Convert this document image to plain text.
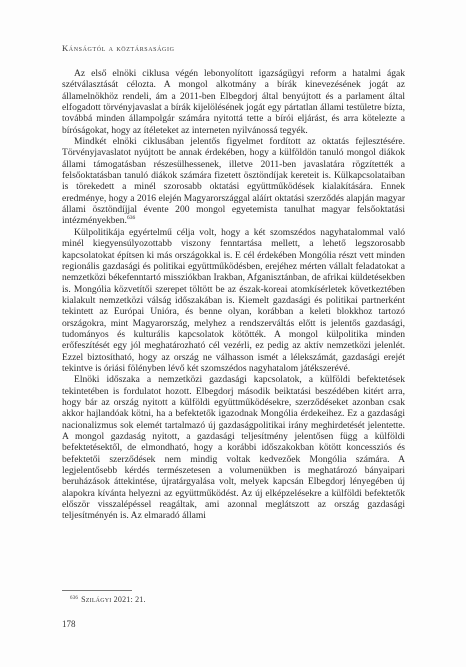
Kánságtól a köztársaságig

Az első elnöki ciklusa végén lebonyolított igazságügyi reform a hatalmi ágak szétválasztását célozta. A mongol alkotmány a bírák kinevezésének jogát az államelnökhöz rendeli, ám a 2011-ben Elbegdorj által benyújtott és a parlament által elfogadott törvényjavaslat a bírák kijelölésének jogát egy pártatlan állami testületre bízta, továbbá minden állampolgár számára nyitottá tette a bírói eljárást, és arra kötelezte a bíróságokat, hogy az ítéleteket az interneten nyilvánossá tegyék.

Mindkét elnöki ciklusában jelentős figyelmet fordított az oktatás fejlesztésére. Törvényjavaslatot nyújtott be annak érdekében, hogy a külföldön tanuló mongol diákok állami támogatásban részesülhessenek, illetve 2011-ben javaslatára rögzítették a felsőoktatásban tanuló diákok számára fizetett ösztöndíjak kereteit is. Külkapcsolataiban is törekedett a minél szorosabb oktatási együttműködések kialakítására. Ennek eredménye, hogy a 2016 elején Magyarországgal aláírt oktatási szerződés alapján magyar állami ösztöndíjjal évente 200 mongol egyetemista tanulhat magyar felsőoktatási intézményekben.$^{636}$

Külpolitikája egyértelmű célja volt, hogy a két szomszédos nagyhatalommal való minél kiegyensúlyozottabb viszony fenntartása mellett, a lehető legszorosabb kapcsolatokat építsen ki más országokkal is. E cél érdekében Mongólia részt vett minden regionális gazdasági és politikai együttműködésben, erejéhez mérten vállalt feladatokat a nemzetközi békefenntartó missziókban Irakban, Afganisztánban, de afrikai küldetésekben is. Mongólia közvetítői szerepet töltött be az észak-koreai atomkísérletek következtében kialakult nemzetközi válság időszakában is. Kiemelt gazdasági és politikai partnerként tekintett az Európai Unióra, és benne olyan, korábban a keleti blokkhoz tartozó országokra, mint Magyarország, melyhez a rendszerváltás előtt is jelentős gazdasági, tudományos és kulturális kapcsolatok kötötték. A mongol külpolitika minden erőfeszítését egy jól meghatározható cél vezérli, ez pedig az aktív nemzetközi jelenlét. Ezzel biztosítható, hogy az ország ne válhasson ismét a lélekszámát, gazdasági erejét tekintve is óriási fölényben lévő két szomszédos nagyhatalom játékszerévé.

Elnöki időszaka a nemzetközi gazdasági kapcsolatok, a külföldi befektetések tekintetében is fordulatot hozott. Elbegdorj második beiktatási beszédében kitért arra, hogy bár az ország nyitott a külföldi együttműködésekre, szerződéseket azonban csak akkor hajlandóak kötni, ha a befektetők igazodnak Mongólia érdekeihez. Ez a gazdasági nacionalizmus sok elemét tartalmazó új gazdaságpolitikai irány meghirdetését jelentette. A mongol gazdaság nyitott, a gazdasági teljesítmény jelentősen függ a külföldi befektetésektől, de elmondható, hogy a korábbi időszakokban kötött koncessziós és befektetői szerződések nem mindig voltak kedvezőek Mongólia számára. A legjelentősebb kérdés természetesen a volumenükben is meghatározó bányaipari beruházások áttekintése, újratárgyalása volt, melyek kapcsán Elbegdorj lényegében új alapokra kívánta helyezni az együttműködést. Az új elképzelésekre a külföldi befektetők először visszalépéssel reagáltak, ami azonnal meglátszott az ország gazdasági teljesítményén is. Az elmaradó állami

$^{636}$ Szilágyi 2021: 21.
178
